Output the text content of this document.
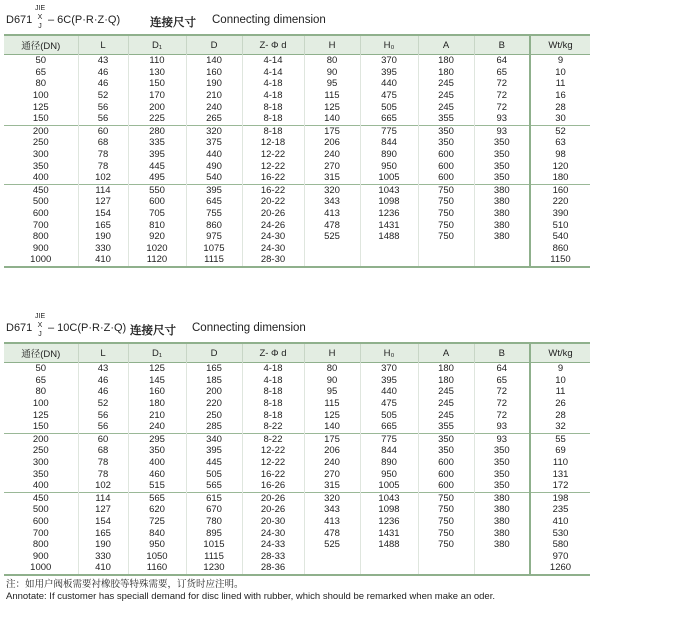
D671
JIE
X
J
– 6C(P·R·Z·Q)	连接尺寸 Connecting dimension
通径(DN)	L	D₁	D	Z- Φ d	H	H₀	A	B	Wt/kg
50	43	110	140	4-14	80	370	180	64	9
65	46	130	160	4-14	90	395	180	65	10
80	46	150	190	4-18	95	440	245	72	11
100	52	170	210	4-18	115	475	245	72	16
125	56	200	240	8-18	125	505	245	72	28
150	56	225	265	8-18	140	665	355	93	30
200	60	280	320	8-18	175	775	350	93	52
250	68	335	375	12-18	206	844	350	350	63
300	78	395	440	12-22	240	890	600	350	98
350	78	445	490	12-22	270	950	600	350	120
400	102	495	540	16-22	315	1005	600	350	180
450	114	550	395	16-22	320	1043	750	380	160
500	127	600	645	20-22	343	1098	750	380	220
600	154	705	755	20-26	413	1236	750	380	390
700	165	810	860	24-26	478	1431	750	380	510
800	190	920	975	24-30	525	1488	750	380	540
900	330	1020	1075	24-30					860
1000	410	1120	1115	28-30					1150
D671
JIE
X
J
– 10C(P·R·Z·Q) 连接尺寸 Connecting dimension
通径(DN)	L	D₁	D	Z- Φ d	H	H₀	A	B	Wt/kg
50	43	125	165	4-18	80	370	180	64	9
65	46	145	185	4-18	90	395	180	65	10
80	46	160	200	8-18	95	440	245	72	11
100	52	180	220	8-18	115	475	245	72	26
125	56	210	250	8-18	125	505	245	72	28
150	56	240	285	8-22	140	665	355	93	32
200	60	295	340	8-22	175	775	350	93	55
250	68	350	395	12-22	206	844	350	350	69
300	78	400	445	12-22	240	890	600	350	110
350	78	460	505	16-22	270	950	600	350	131
400	102	515	565	16-26	315	1005	600	350	172
450	114	565	615	20-26	320	1043	750	380	198
500	127	620	670	20-26	343	1098	750	380	235
600	154	725	780	20-30	413	1236	750	380	410
700	165	840	895	24-30	478	1431	750	380	530
800	190	950	1015	24-33	525	1488	750	380	580
900	330	1050	1115	28-33					970
1000	410	1160	1230	28-36					1260
注：如用户阀板需要衬橡胶等特殊需要，订货时应注明。
Annotate: If customer has speciall demand for disc lined with rubber, which should be remarked when make an oder.
